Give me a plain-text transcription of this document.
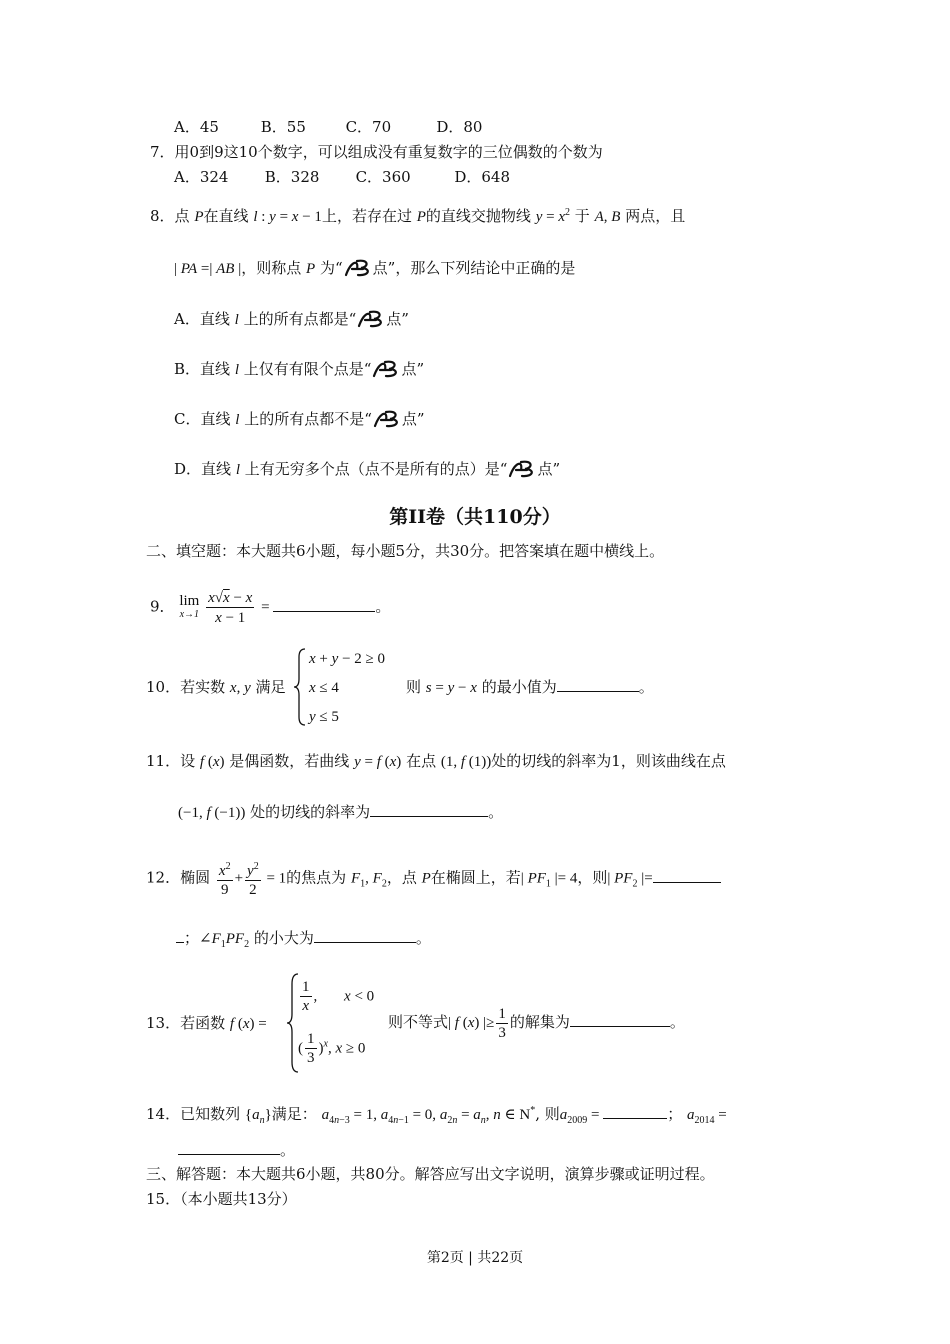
A．45	B．55	C．70	D．80
7．用0到9这10个数字，可以组成没有重复数字的三位偶数的个数为
A．324 B．328 C．360	D．648
8．点 P在直线 l : y = x − 1上，若存在过 P的直线交抛物线 $y = x^2$ 于 A, B 两点，且
| PA =| AB |，则称点 P 为“ 点”，那么下列结论中正确的是
A．直线 l 上的所有点都是“ 点”
B．直线 l 上仅有有限个点是“ 点”
C．直线 l 上的所有点都不是“ 点”
D．直线 l 上有无穷多个点（点不是所有的点）是“ 点”
第II卷（共110分）
二、填空题：本大题共6小题，每小题5分，共30分。把答案填在题中横线上。
9． lim
x→1
$\frac{x√x - x}{x - 1}$ =	。
10．若实数 x, y 满足
x + y − 2 ≥ 0
x ≤ 4
y ≤ 5
则 s = y − x 的最小值为	。
11．设 f (x) 是偶函数，若曲线 y = f (x) 在点 (1, f (1))处的切线的斜率为1，则该曲线在点
(−1, f (−1)) 处的切线的斜率为	。
12．椭圆 $\frac{x^2}{9} + \frac{y^2}{2} = 1$的焦点为 $F_1$, $F_2$，点 P在椭圆上，若| $PF_1$ |= 4，则| $PF_2$ |=
；$\angle F_1PF_2$ 的小大为	。
13．若函数 f (x) =
$\frac{1}{x}$ , x < 0
( $\frac{1}{3} )^x$, x ≥ 0
则不等式| f (x) |≥ $\frac{1}{3}$ 的解集为	。
14．已知数列 $\{a_n\}$满足： $a_{4n-3} = 1$, $a_{4n-1} = 0$, $a_{2n} = a_n$, n ∈ N*, 则$a_{2009}$ =	； $a_{2014}$ =
。
三、解答题：本大题共6小题，共80分。解答应写出文字说明，演算步骤或证明过程。
15．（本小题共13分）
第2页 | 共22页
